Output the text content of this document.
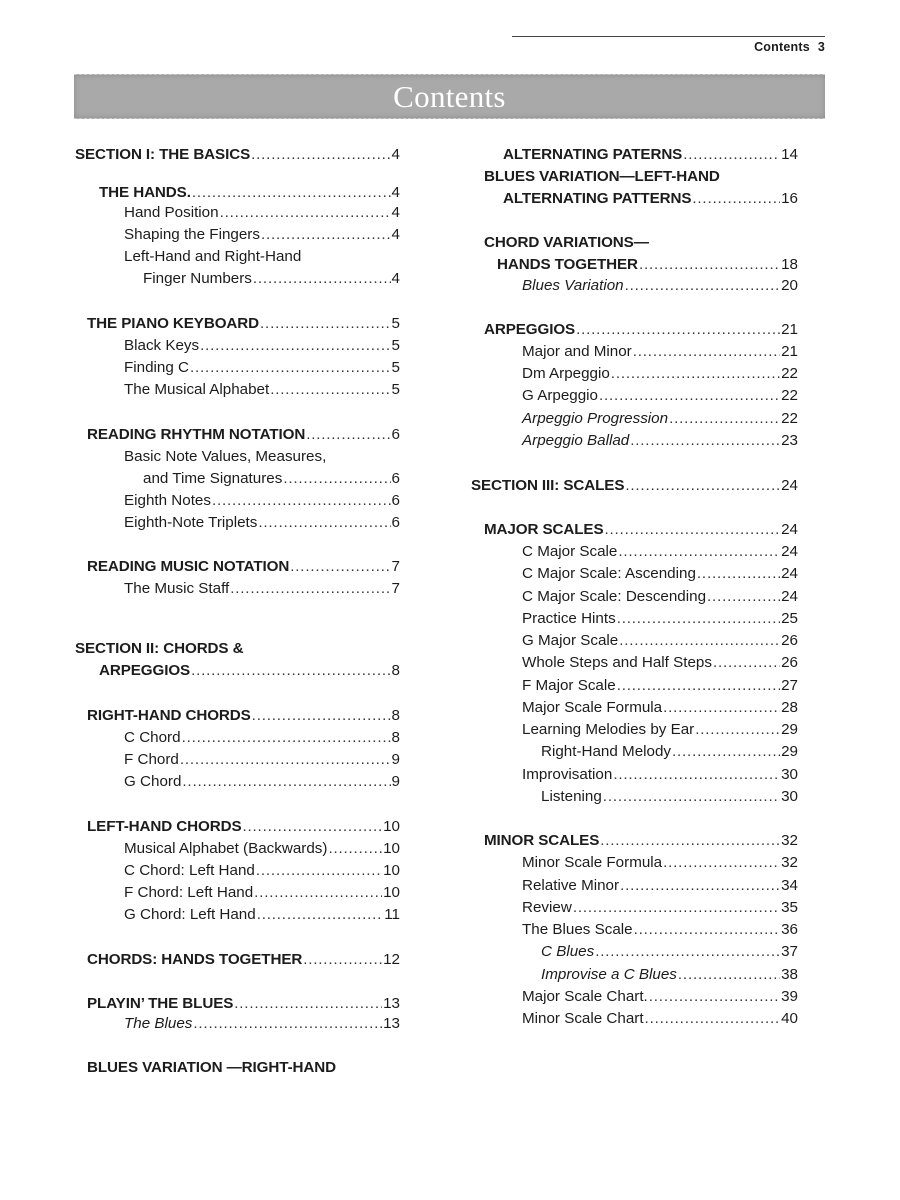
Contents 3
Contents
SECTION I: THE BASICS .....	4
THE HANDS. .....	4
Hand Position .....	4
Shaping the Fingers .....	4
Left-Hand and Right-Hand
Finger Numbers .....	4
THE PIANO KEYBOARD .....	5
Black Keys .....	5
Finding C .....	5
The Musical Alphabet .....	5
READING RHYTHM NOTATION .....	6
Basic Note Values, Measures,
and Time Signatures .....	6
Eighth Notes .....	6
Eighth-Note Triplets .....	6
READING MUSIC NOTATION .....	7
The Music Staff .....	7
SECTION II: CHORDS &
ARPEGGIOS .....	8
RIGHT-HAND CHORDS .....	8
C Chord .....	8
F Chord .....	9
G Chord .....	9
LEFT-HAND CHORDS .....	10
Musical Alphabet (Backwards) .....	10
C Chord: Left Hand .....	10
F Chord: Left Hand .....	10
G Chord: Left Hand .....	11
CHORDS: HANDS TOGETHER .....	12
PLAYIN’ THE BLUES .....	13
The Blues .....	13
BLUES VARIATION —RIGHT-HAND
ALTERNATING PATERNS .....	14
BLUES VARIATION—LEFT-HAND
ALTERNATING PATTERNS .....	16
CHORD VARIATIONS—
HANDS TOGETHER .....	18
Blues Variation .....	20
ARPEGGIOS .....	21
Major and Minor .....	21
Dm Arpeggio .....	22
G Arpeggio .....	22
Arpeggio Progression .....	22
Arpeggio Ballad .....	23
SECTION III: SCALES .....	24
MAJOR SCALES .....	24
C Major Scale .....	24
C Major Scale: Ascending .....	24
C Major Scale: Descending .....	24
Practice Hints .....	25
G Major Scale .....	26
Whole Steps and Half Steps .....	26
F Major Scale .....	27
Major Scale Formula .....	28
Learning Melodies by Ear .....	29
Right-Hand Melody .....	29
Improvisation .....	30
Listening .....	30
MINOR SCALES .....	32
Minor Scale Formula .....	32
Relative Minor .....	34
Review .....	35
The Blues Scale .....	36
C Blues .....	37
Improvise a C Blues .....	38
Major Scale Chart. .....	39
Minor Scale Chart .....	40
